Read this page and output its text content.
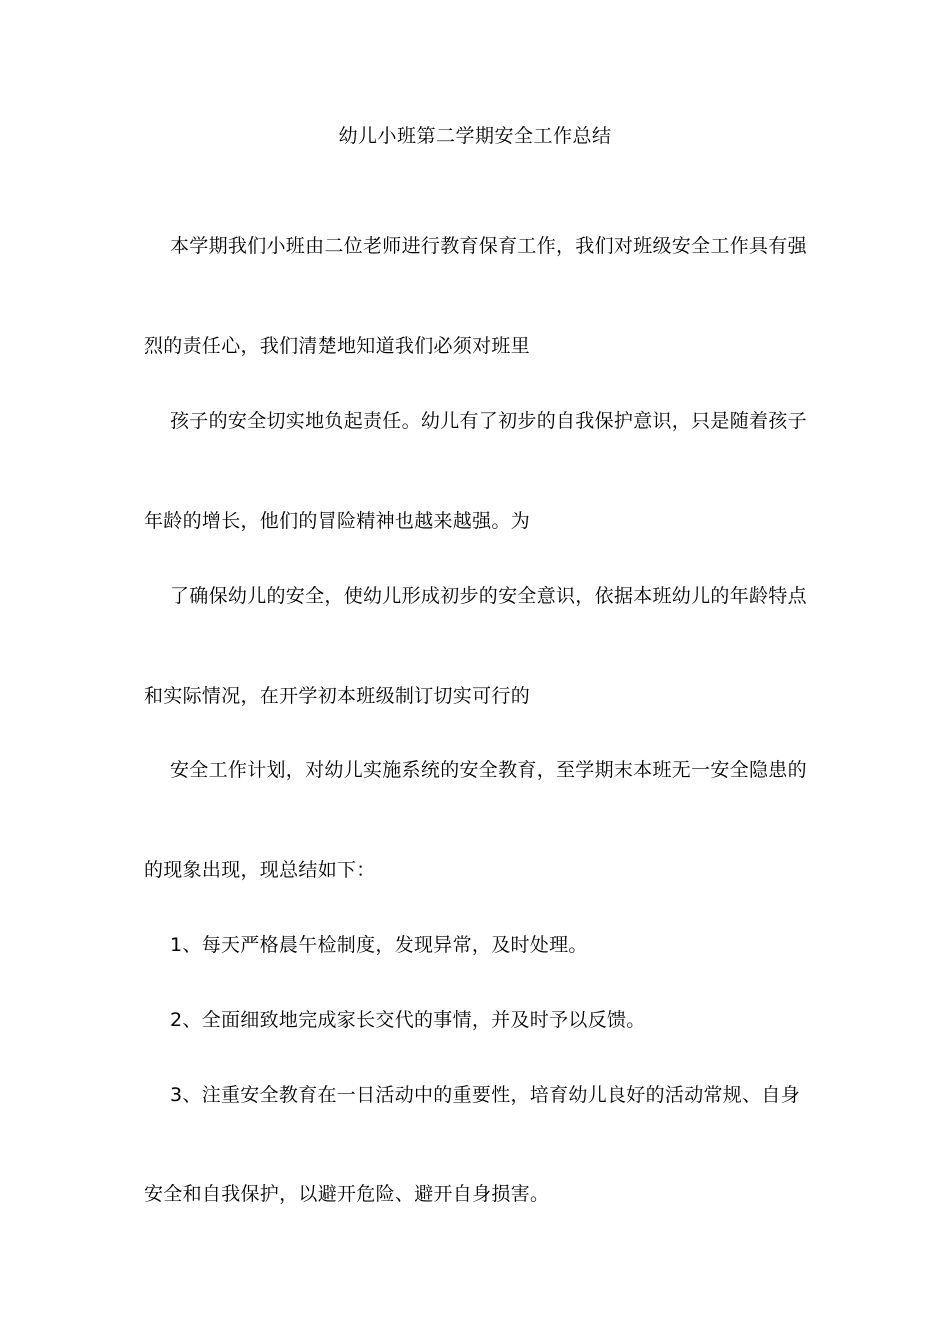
幼儿小班第二学期安全工作总结
本学期我们小班由二位老师进行教育保育工作，我们对班级安全工作具有强
烈的责任心，我们清楚地知道我们必须对班里
孩子的安全切实地负起责任。幼儿有了初步的自我保护意识，只是随着孩子
年龄的增长，他们的冒险精神也越来越强。为
了确保幼儿的安全，使幼儿形成初步的安全意识，依据本班幼儿的年龄特点
和实际情况，在开学初本班级制订切实可行的
安全工作计划，对幼儿实施系统的安全教育，至学期末本班无一安全隐患的
的现象出现，现总结如下：
1、每天严格晨午检制度，发现异常，及时处理。
2、全面细致地完成家长交代的事情，并及时予以反馈。
3、注重安全教育在一日活动中的重要性，培育幼儿良好的活动常规、自身
安全和自我保护，以避开危险、避开自身损害。
